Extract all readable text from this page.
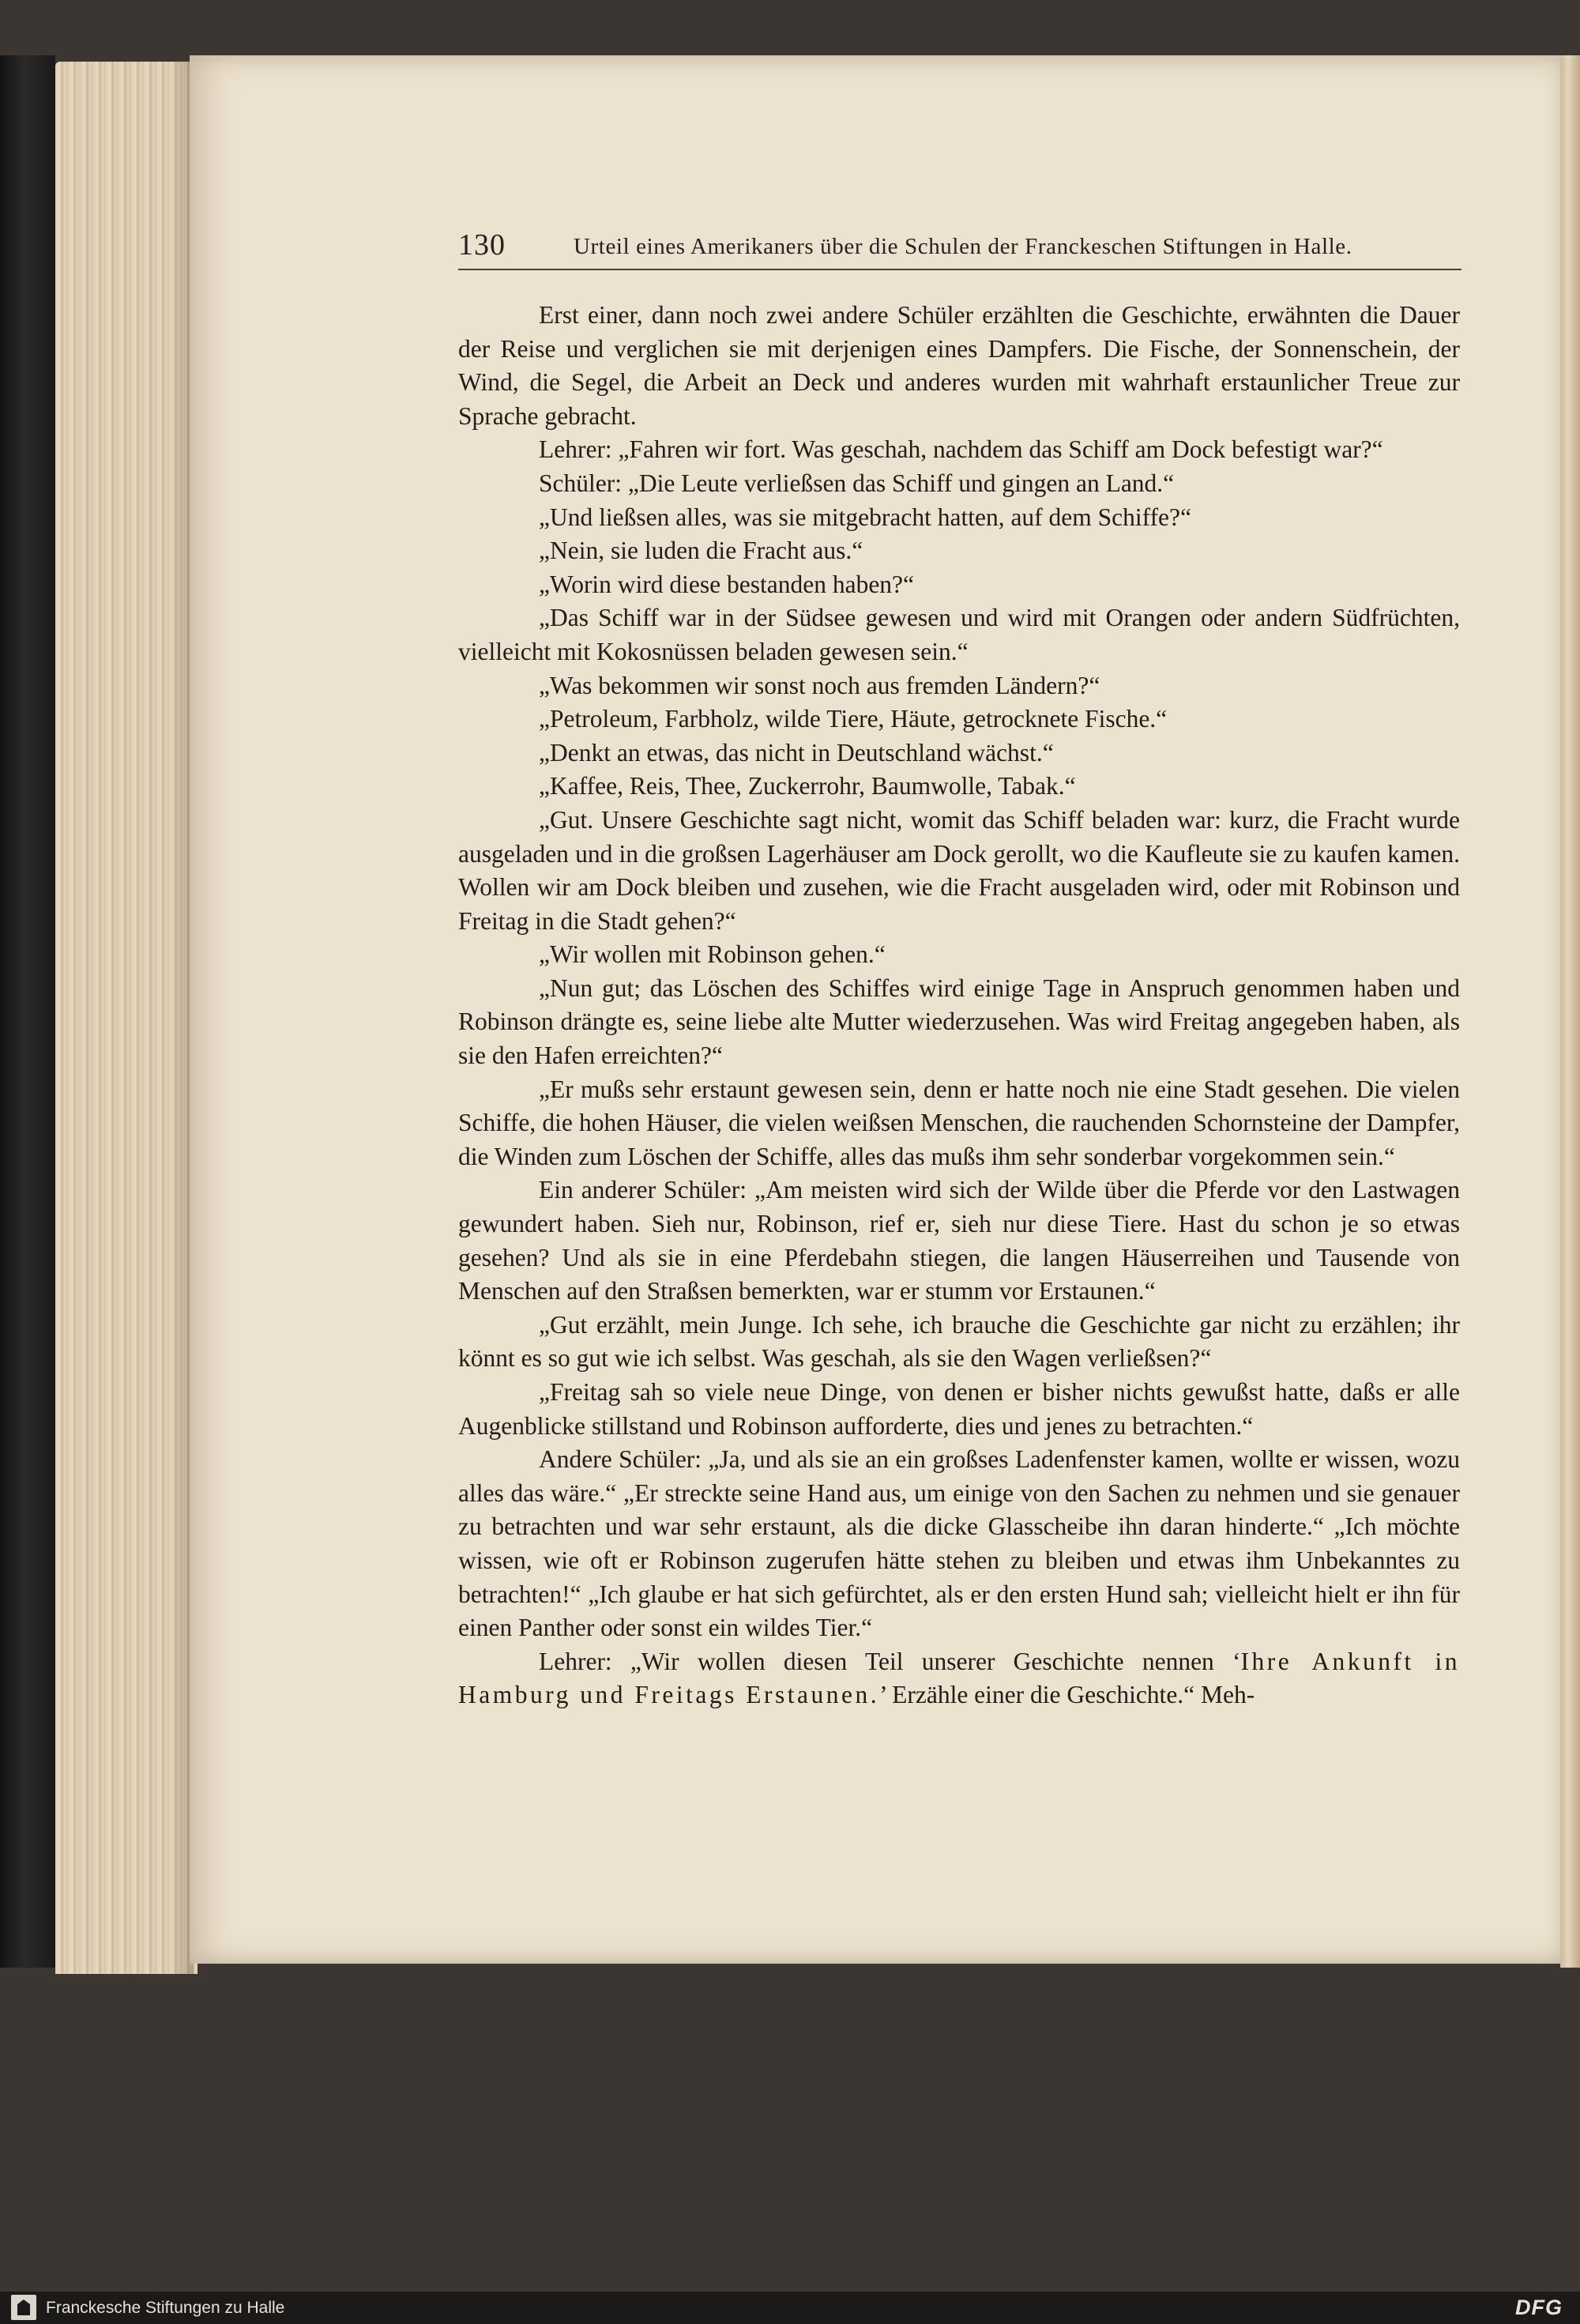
130	Urteil eines Amerikaners über die Schulen der Franckeschen Stiftungen in Halle.

Erst einer, dann noch zwei andere Schüler erzählten die Geschichte, erwähnten die Dauer der Reise und verglichen sie mit derjenigen eines Dampfers. Die Fische, der Sonnenschein, der Wind, die Segel, die Arbeit an Deck und anderes wurden mit wahrhaft erstaunlicher Treue zur Sprache gebracht.

Lehrer: „Fahren wir fort. Was geschah, nachdem das Schiff am Dock befestigt war?“

Schüler: „Die Leute verließsen das Schiff und gingen an Land.“

„Und ließsen alles, was sie mitgebracht hatten, auf dem Schiffe?“

„Nein, sie luden die Fracht aus.“

„Worin wird diese bestanden haben?“

„Das Schiff war in der Südsee gewesen und wird mit Orangen oder andern Südfrüchten, vielleicht mit Kokosnüssen beladen gewesen sein.“

„Was bekommen wir sonst noch aus fremden Ländern?“

„Petroleum, Farbholz, wilde Tiere, Häute, getrocknete Fische.“

„Denkt an etwas, das nicht in Deutschland wächst.“

„Kaffee, Reis, Thee, Zuckerrohr, Baumwolle, Tabak.“

„Gut. Unsere Geschichte sagt nicht, womit das Schiff beladen war: kurz, die Fracht wurde ausgeladen und in die großsen Lagerhäuser am Dock gerollt, wo die Kaufleute sie zu kaufen kamen. Wollen wir am Dock bleiben und zusehen, wie die Fracht ausgeladen wird, oder mit Robinson und Freitag in die Stadt gehen?“

„Wir wollen mit Robinson gehen.“

„Nun gut; das Löschen des Schiffes wird einige Tage in Anspruch genommen haben und Robinson drängte es, seine liebe alte Mutter wiederzusehen. Was wird Freitag angegeben haben, als sie den Hafen erreichten?“

„Er mußs sehr erstaunt gewesen sein, denn er hatte noch nie eine Stadt gesehen. Die vielen Schiffe, die hohen Häuser, die vielen weißsen Menschen, die rauchenden Schornsteine der Dampfer, die Winden zum Löschen der Schiffe, alles das mußs ihm sehr sonderbar vorgekommen sein.“

Ein anderer Schüler: „Am meisten wird sich der Wilde über die Pferde vor den Lastwagen gewundert haben. Sieh nur, Robinson, rief er, sieh nur diese Tiere. Hast du schon je so etwas gesehen? Und als sie in eine Pferdebahn stiegen, die langen Häuserreihen und Tausende von Menschen auf den Straßsen bemerkten, war er stumm vor Erstaunen.“

„Gut erzählt, mein Junge. Ich sehe, ich brauche die Geschichte gar nicht zu erzählen; ihr könnt es so gut wie ich selbst. Was geschah, als sie den Wagen verließsen?“

„Freitag sah so viele neue Dinge, von denen er bisher nichts gewußst hatte, daßs er alle Augenblicke stillstand und Robinson aufforderte, dies und jenes zu betrachten.“

Andere Schüler: „Ja, und als sie an ein großses Ladenfenster kamen, wollte er wissen, wozu alles das wäre.“ „Er streckte seine Hand aus, um einige von den Sachen zu nehmen und sie genauer zu betrachten und war sehr erstaunt, als die dicke Glasscheibe ihn daran hinderte.“ „Ich möchte wissen, wie oft er Robinson zugerufen hätte stehen zu bleiben und etwas ihm Unbekanntes zu betrachten!“ „Ich glaube er hat sich gefürchtet, als er den ersten Hund sah; vielleicht hielt er ihn für einen Panther oder sonst ein wildes Tier.“

Lehrer: „Wir wollen diesen Teil unserer Geschichte nennen ‘Ihre Ankunft in Hamburg und Freitags Erstaunen.’ Erzähle einer die Geschichte.“ Meh-

Franckesche Stiftungen zu Halle	DFG
